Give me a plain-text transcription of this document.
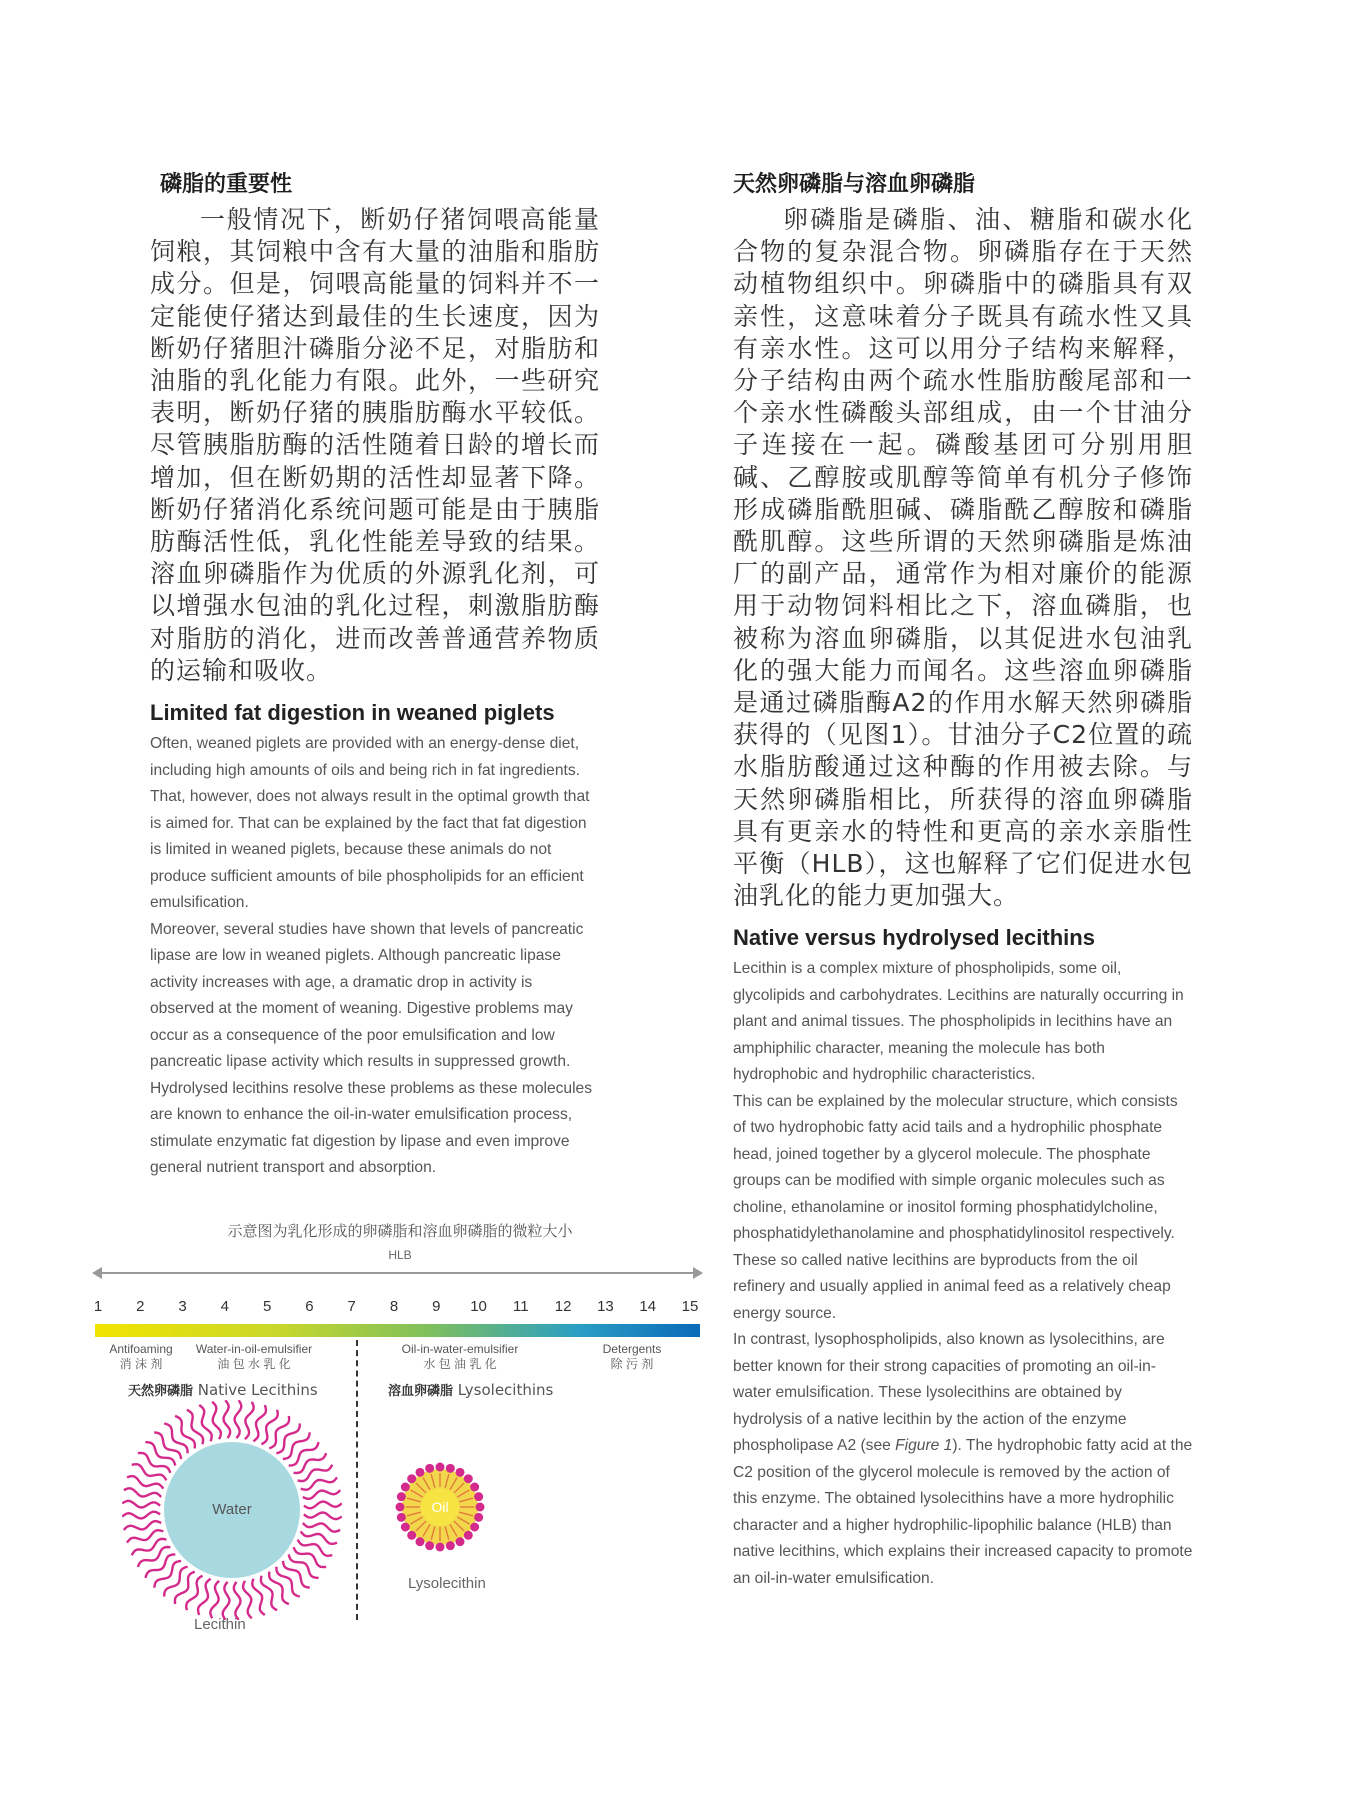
磷脂的重要性

一般情况下，断奶仔猪饲喂高能量饲粮，其饲粮中含有大量的油脂和脂肪成分。但是，饲喂高能量的饲料并不一定能使仔猪达到最佳的生长速度，因为断奶仔猪胆汁磷脂分泌不足，对脂肪和油脂的乳化能力有限。此外，一些研究表明，断奶仔猪的胰脂肪酶水平较低。尽管胰脂肪酶的活性随着日龄的增长而增加，但在断奶期的活性却显著下降。断奶仔猪消化系统问题可能是由于胰脂肪酶活性低，乳化性能差导致的结果。溶血卵磷脂作为优质的外源乳化剂，可以增强水包油的乳化过程，刺激脂肪酶对脂肪的消化，进而改善普通营养物质的运输和吸收。

Limited fat digestion in weaned piglets

Often, weaned piglets are provided with an energy-dense diet, including high amounts of oils and being rich in fat ingredients. That, however, does not always result in the optimal growth that is aimed for. That can be explained by the fact that fat digestion is limited in weaned piglets, because these animals do not produce sufficient amounts of bile phospholipids for an efficient emulsification.

Moreover, several studies have shown that levels of pancreatic lipase are low in weaned piglets. Although pancreatic lipase activity increases with age, a dramatic drop in activity is observed at the moment of weaning. Digestive problems may occur as a consequence of the poor emulsification and low pancreatic lipase activity which results in suppressed growth. Hydrolysed lecithins resolve these problems as these molecules are known to enhance the oil-in-water emulsification process, stimulate enzymatic fat digestion by lipase and even improve general nutrient transport and absorption.

天然卵磷脂与溶血卵磷脂

卵磷脂是磷脂、油、糖脂和碳水化合物的复杂混合物。卵磷脂存在于天然动植物组织中。卵磷脂中的磷脂具有双亲性，这意味着分子既具有疏水性又具有亲水性。这可以用分子结构来解释，分子结构由两个疏水性脂肪酸尾部和一个亲水性磷酸头部组成，由一个甘油分子连接在一起。磷酸基团可分别用胆碱、乙醇胺或肌醇等简单有机分子修饰形成磷脂酰胆碱、磷脂酰乙醇胺和磷脂酰肌醇。这些所谓的天然卵磷脂是炼油厂的副产品，通常作为相对廉价的能源用于动物饲料相比之下，溶血磷脂，也被称为溶血卵磷脂，以其促进水包油乳化的强大能力而闻名。这些溶血卵磷脂是通过磷脂酶A2的作用水解天然卵磷脂获得的（见图1）。甘油分子C2位置的疏水脂肪酸通过这种酶的作用被去除。与天然卵磷脂相比，所获得的溶血卵磷脂具有更亲水的特性和更高的亲水亲脂性平衡（HLB），这也解释了它们促进水包油乳化的能力更加强大。

Native versus hydrolysed lecithins

Lecithin is a complex mixture of phospholipids, some oil, glycolipids and carbohydrates. Lecithins are naturally occurring in plant and animal tissues. The phospholipids in lecithins have an amphiphilic character, meaning the molecule has both hydrophobic and hydrophilic characteristics.

This can be explained by the molecular structure, which consists of two hydrophobic fatty acid tails and a hydrophilic phosphate head, joined together by a glycerol molecule. The phosphate groups can be modified with simple organic molecules such as choline, ethanolamine or inositol forming phosphatidylcholine, phosphatidylethanolamine and phosphatidylinositol respectively. These so called native lecithins are byproducts from the oil refinery and usually applied in animal feed as a relatively cheap energy source.

In contrast, lysophospholipids, also known as lysolecithins, are better known for their strong capacities of promoting an oil-in-water emulsification. These lysolecithins are obtained by hydrolysis of a native lecithin by the action of the enzyme phospholipase A2 (see Figure 1). The hydrophobic fatty acid at the C2 position of the glycerol molecule is removed by the action of this enzyme. The obtained lysolecithins have a more hydrophilic character and a higher hydrophilic-lipophilic balance (HLB) than native lecithins, which explains their increased capacity to promote an oil-in-water emulsification.

示意图为乳化形成的卵磷脂和溶血卵磷脂的微粒大小
HLB
1	2	3	4	5	6	7	8	9	10	11	12	13	14	15
Antifoaming
消 沫 剂
Water-in-oil-emulsifier
油 包 水 乳 化
Oil-in-water-emulsifier
水 包 油 乳 化
Detergents
除 污 剂
天然卵磷脂 Native Lecithins	溶血卵磷脂 Lysolecithins
Water	Oil
Lysolecithin
Lecithin
